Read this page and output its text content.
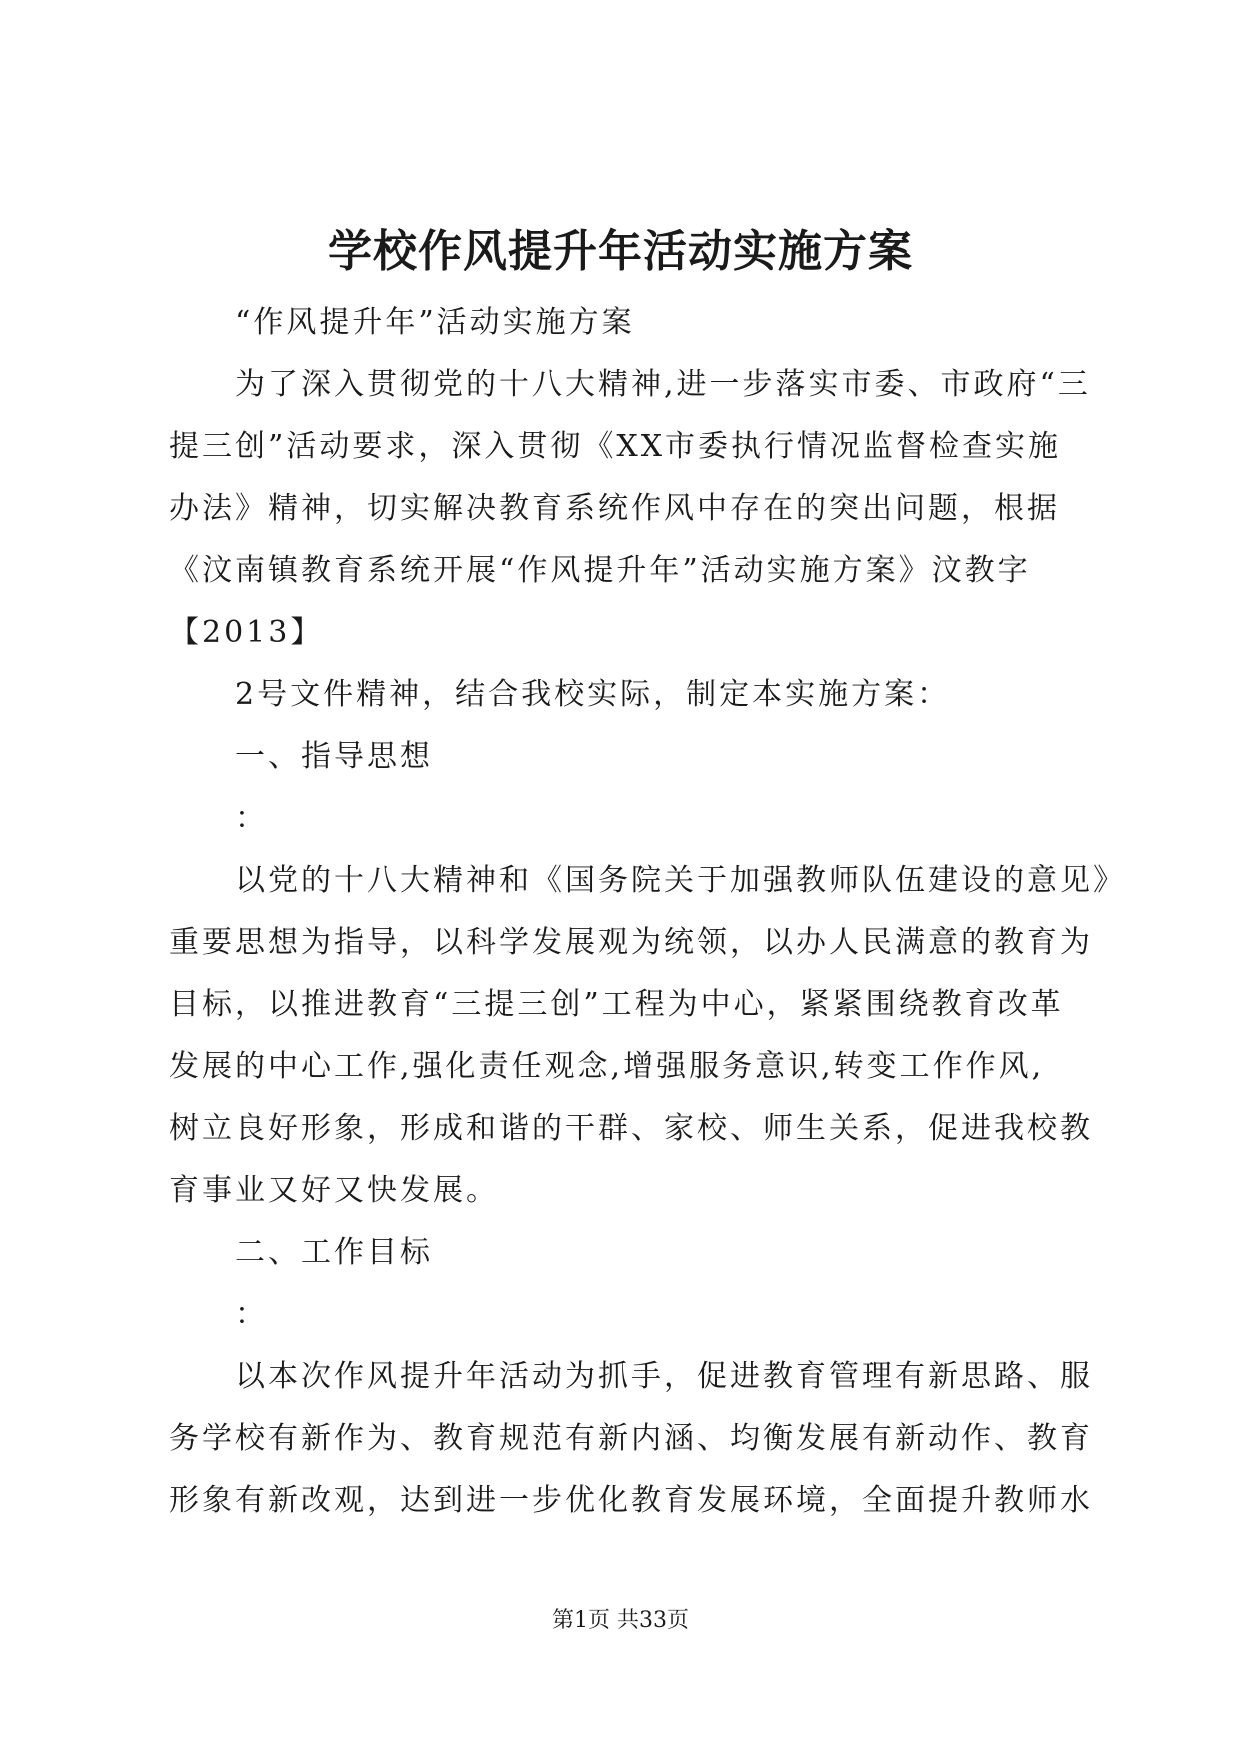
学校作风提升年活动实施方案
“作风提升年”活动实施方案
为了深入贯彻党的十八大精神,进一步落实市委、市政府“三
提三创”活动要求，深入贯彻《XX市委执行情况监督检查实施
办法》精神，切实解决教育系统作风中存在的突出问题，根据
《汶南镇教育系统开展“作风提升年”活动实施方案》汶教字
【2013】
2号文件精神，结合我校实际，制定本实施方案：
一、指导思想
：
以党的十八大精神和《国务院关于加强教师队伍建设的意见》
重要思想为指导，以科学发展观为统领，以办人民满意的教育为
目标，以推进教育“三提三创”工程为中心，紧紧围绕教育改革
发展的中心工作,强化责任观念,增强服务意识,转变工作作风,
树立良好形象，形成和谐的干群、家校、师生关系，促进我校教
育事业又好又快发展。
二、工作目标
：
以本次作风提升年活动为抓手，促进教育管理有新思路、服
务学校有新作为、教育规范有新内涵、均衡发展有新动作、教育
形象有新改观，达到进一步优化教育发展环境，全面提升教师水
第1页 共33页
